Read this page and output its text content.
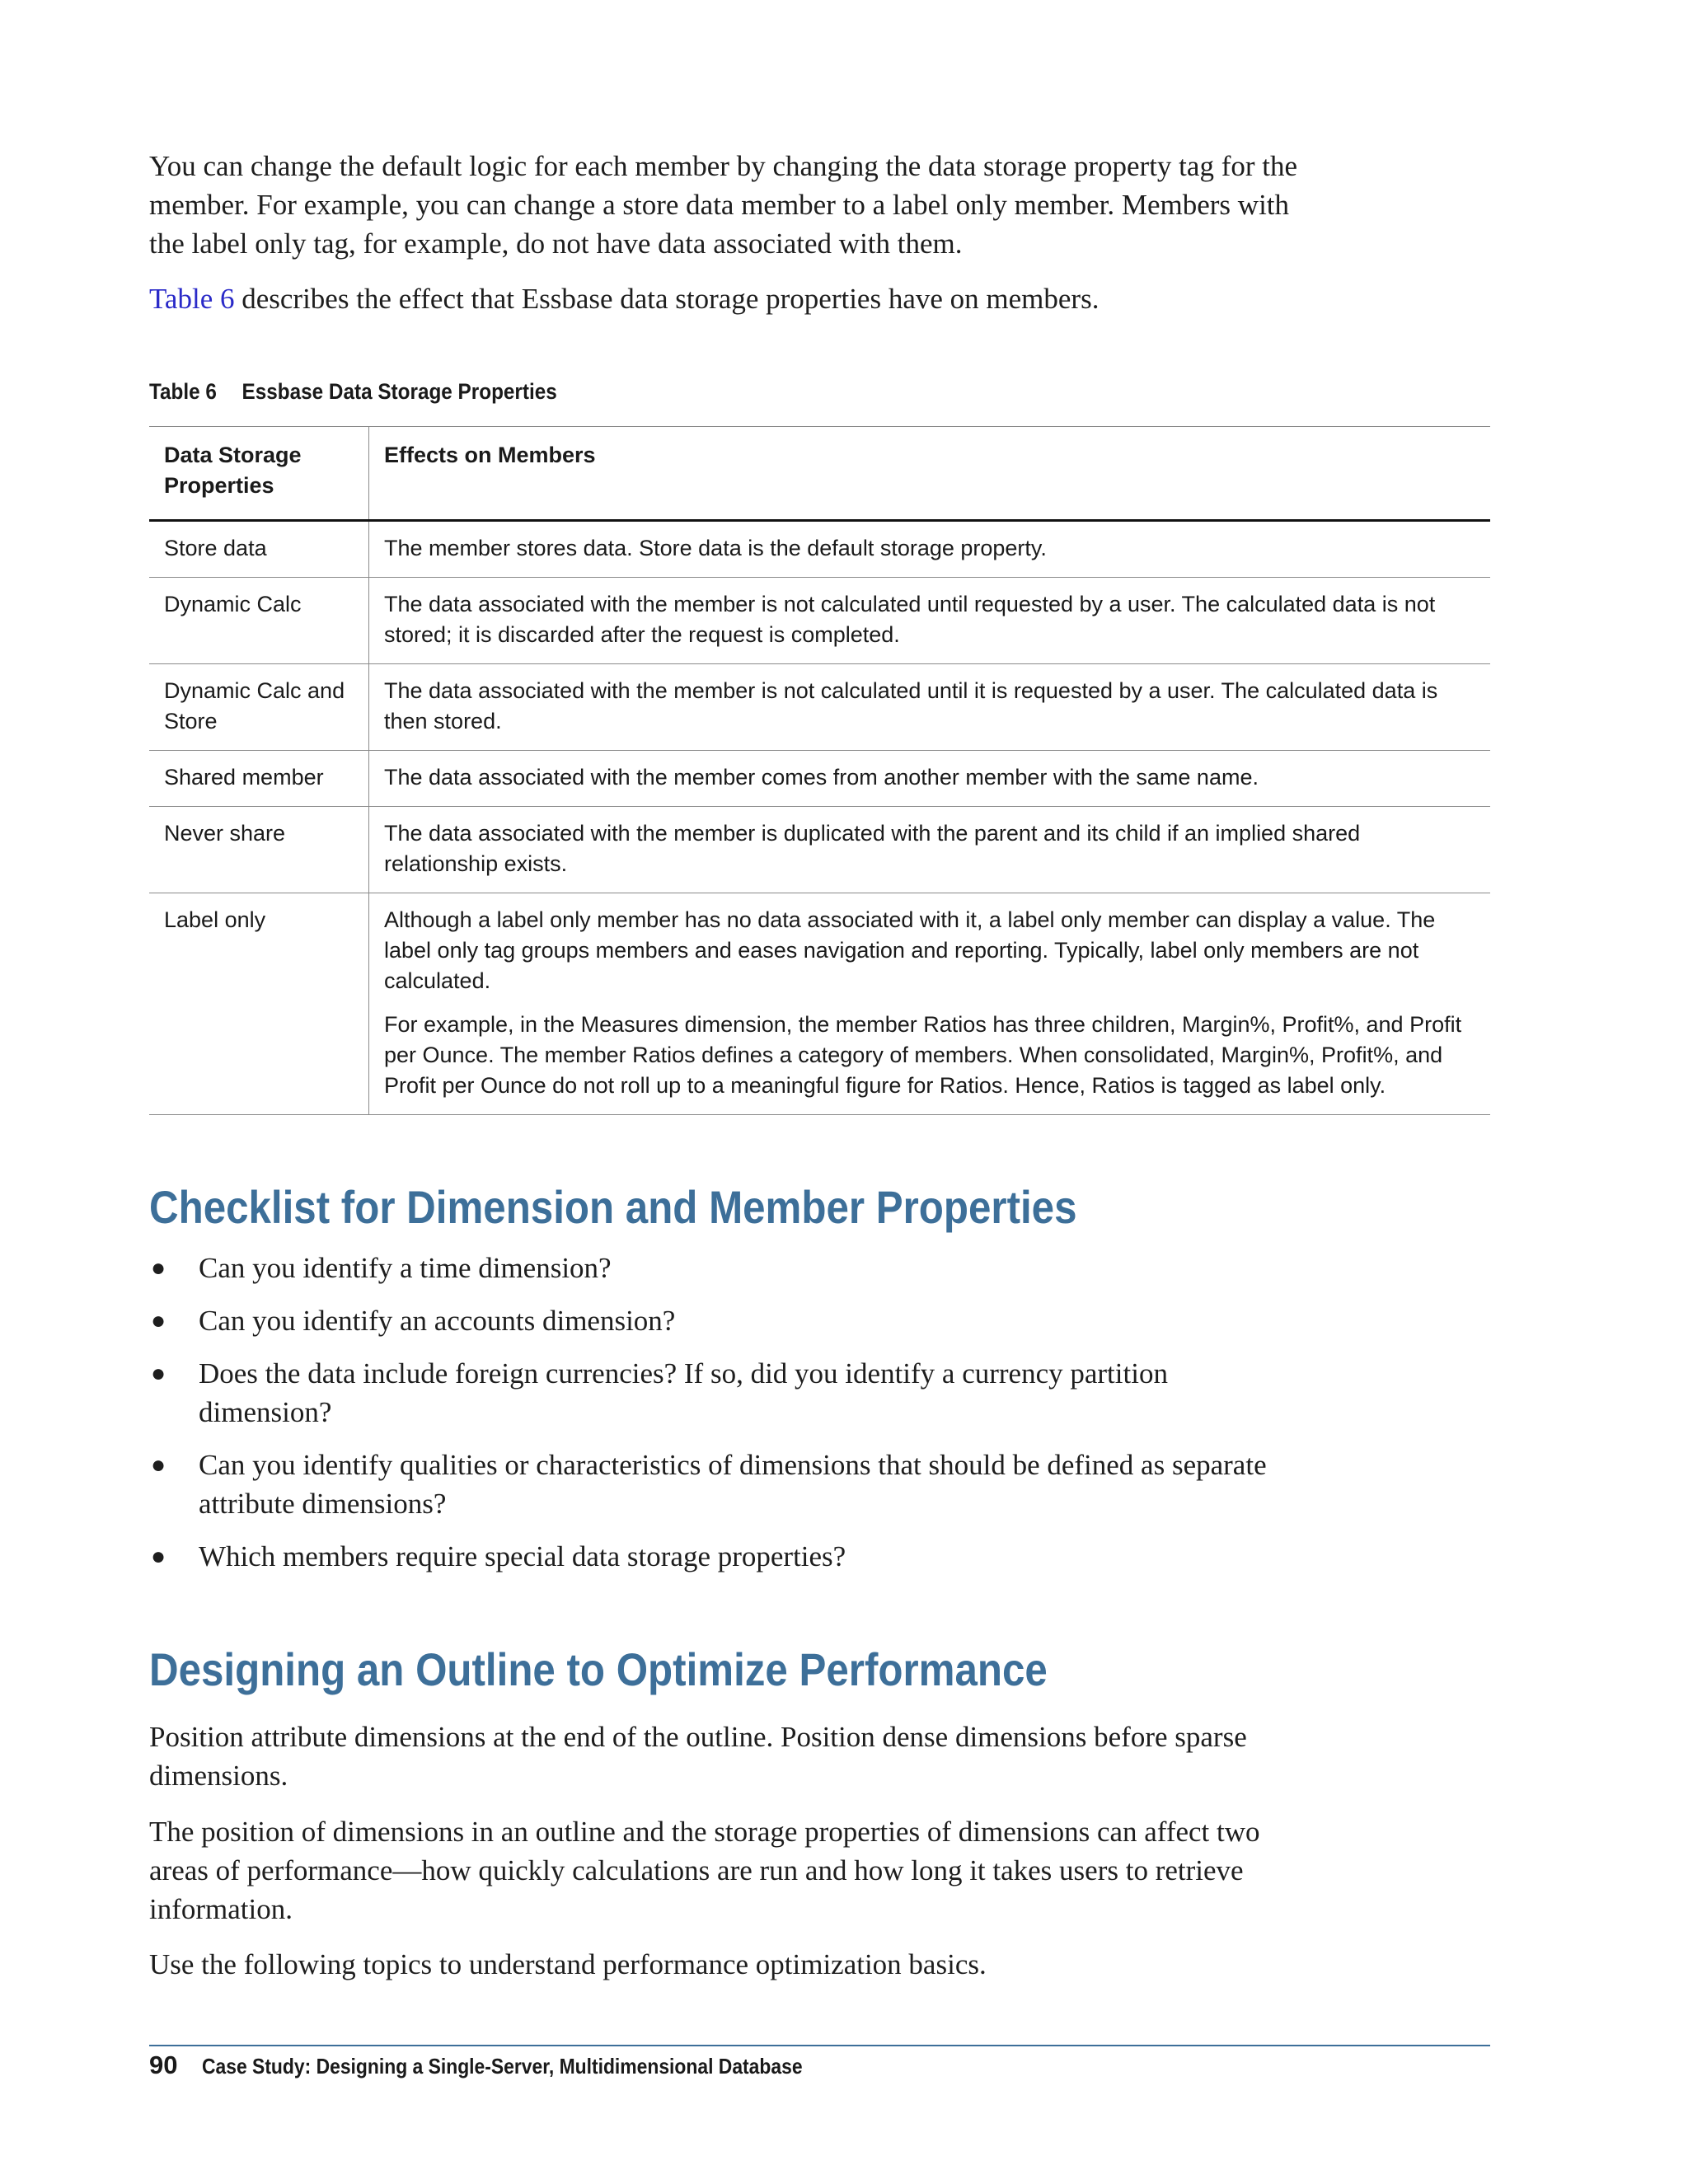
You can change the default logic for each member by changing the data storage property tag for the member. For example, you can change a store data member to a label only member. Members with the label only tag, for example, do not have data associated with them.

Table 6 describes the effect that Essbase data storage properties have on members.

Table 6 Essbase Data Storage Properties
Data Storage Properties	Effects on Members
Store data	The member stores data. Store data is the default storage property.

Dynamic Calc	The data associated with the member is not calculated until requested by a user. The calculated data is not stored; it is discarded after the request is completed.

Dynamic Calc and Store	The data associated with the member is not calculated until it is requested by a user. The calculated data is then stored.

Shared member	The data associated with the member comes from another member with the same name.

Never share	The data associated with the member is duplicated with the parent and its child if an implied shared relationship exists.

Label only	Although a label only member has no data associated with it, a label only member can display a value. The label only tag groups members and eases navigation and reporting. Typically, label only members are not calculated.

For example, in the Measures dimension, the member Ratios has three children, Margin%, Profit%, and Profit per Ounce. The member Ratios defines a category of members. When consolidated, Margin%, Profit%, and Profit per Ounce do not roll up to a meaningful figure for Ratios. Hence, Ratios is tagged as label only.

Checklist for Dimension and Member Properties
● Can you identify a time dimension?
● Can you identify an accounts dimension?
● Does the data include foreign currencies? If so, did you identify a currency partition dimension?
● Can you identify qualities or characteristics of dimensions that should be defined as separate attribute dimensions?
● Which members require special data storage properties?
Designing an Outline to Optimize Performance

Position attribute dimensions at the end of the outline. Position dense dimensions before sparse dimensions.

The position of dimensions in an outline and the storage properties of dimensions can affect two areas of performance—how quickly calculations are run and how long it takes users to retrieve information.

Use the following topics to understand performance optimization basics.

90 Case Study: Designing a Single-Server, Multidimensional Database
